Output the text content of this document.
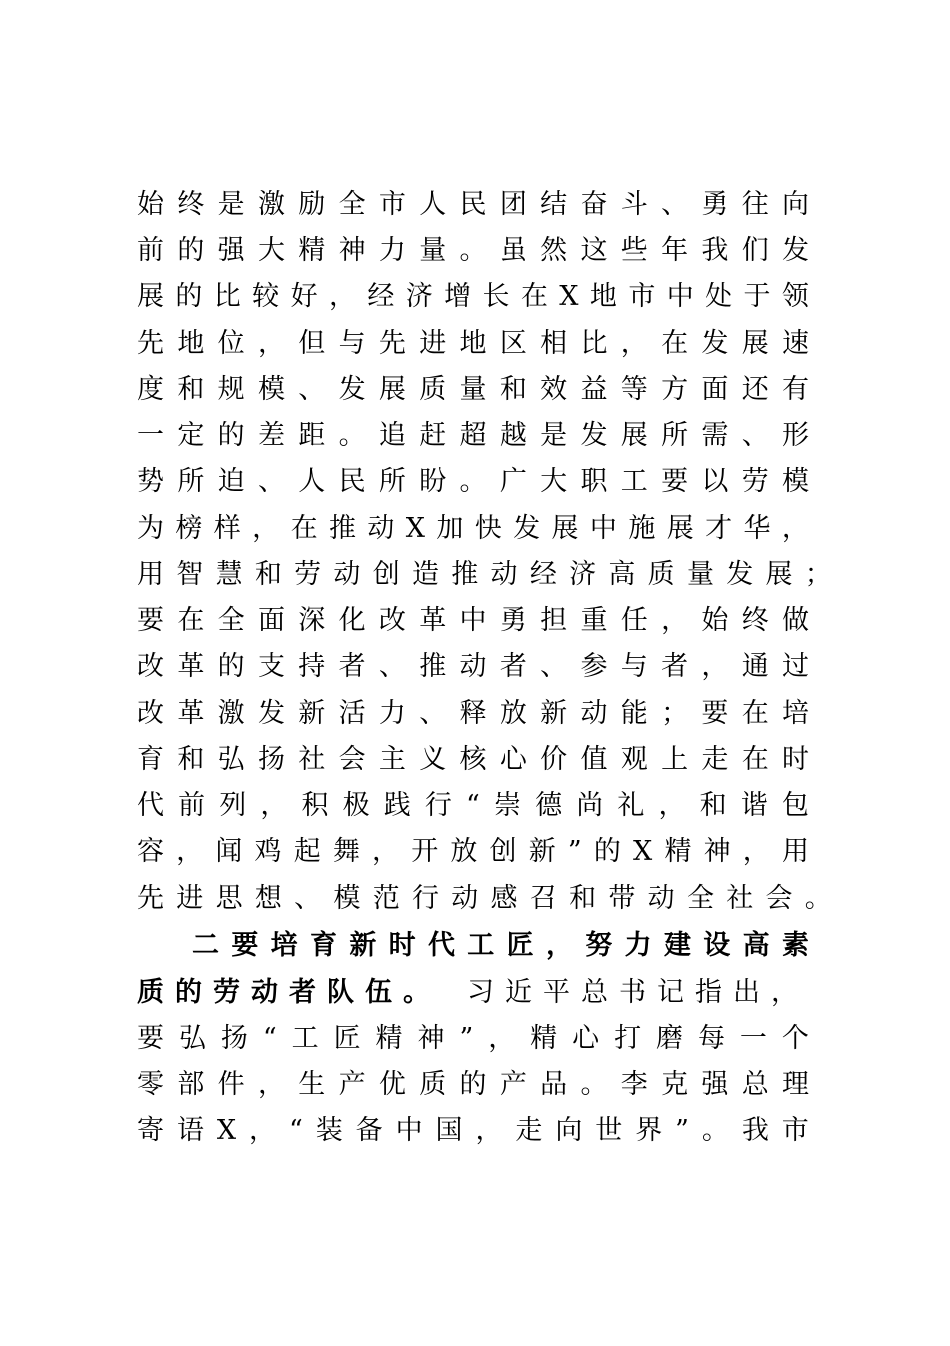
始 终 是 激 励 全 市 人 民 团 结 奋 斗 、 勇 往 向
前 的 强 大 精 神 力 量 。 虽 然 这 些 年 我 们 发
展 的 比 较 好 ， 经 济 增 长 在 X 地 市 中 处 于 领
先 地 位 ， 但 与 先 进 地 区 相 比 ， 在 发 展 速
度 和 规 模 、 发 展 质 量 和 效 益 等 方 面 还 有
一 定 的 差 距 。 追 赶 超 越 是 发 展 所 需 、 形
势 所 迫 、 人 民 所 盼 。 广 大 职 工 要 以 劳 模
为 榜 样 ， 在 推 动 X 加 快 发 展 中 施 展 才 华 ，
用 智 慧 和 劳 动 创 造 推 动 经 济 高 质 量 发 展 ；
要 在 全 面 深 化 改 革 中 勇 担 重 任 ， 始 终 做
改 革 的 支 持 者 、 推 动 者 、 参 与 者 ， 通 过
改 革 激 发 新 活 力 、 释 放 新 动 能 ； 要 在 培
育 和 弘 扬 社 会 主 义 核 心 价 值 观 上 走 在 时
代 前 列 ， 积 极 践 行 “ 崇 德 尚 礼 ， 和 谐 包
容 ， 闻 鸡 起 舞 ， 开 放 创 新 ” 的 X 精 神 ， 用
先 进 思 想 、 模 范 行 动 感 召 和 带 动 全 社 会 。
二 要 培 育 新 时 代 工 匠 ， 努 力 建 设 高 素
质的劳动者队伍。 习近平总书记指出，
要 弘 扬 “ 工 匠 精 神 ” ， 精 心 打 磨 每 一 个
零 部 件 ， 生 产 优 质 的 产 品 。 李 克 强 总 理
寄 语 X ， “ 装 备 中 国 ， 走 向 世 界 ” 。 我 市
